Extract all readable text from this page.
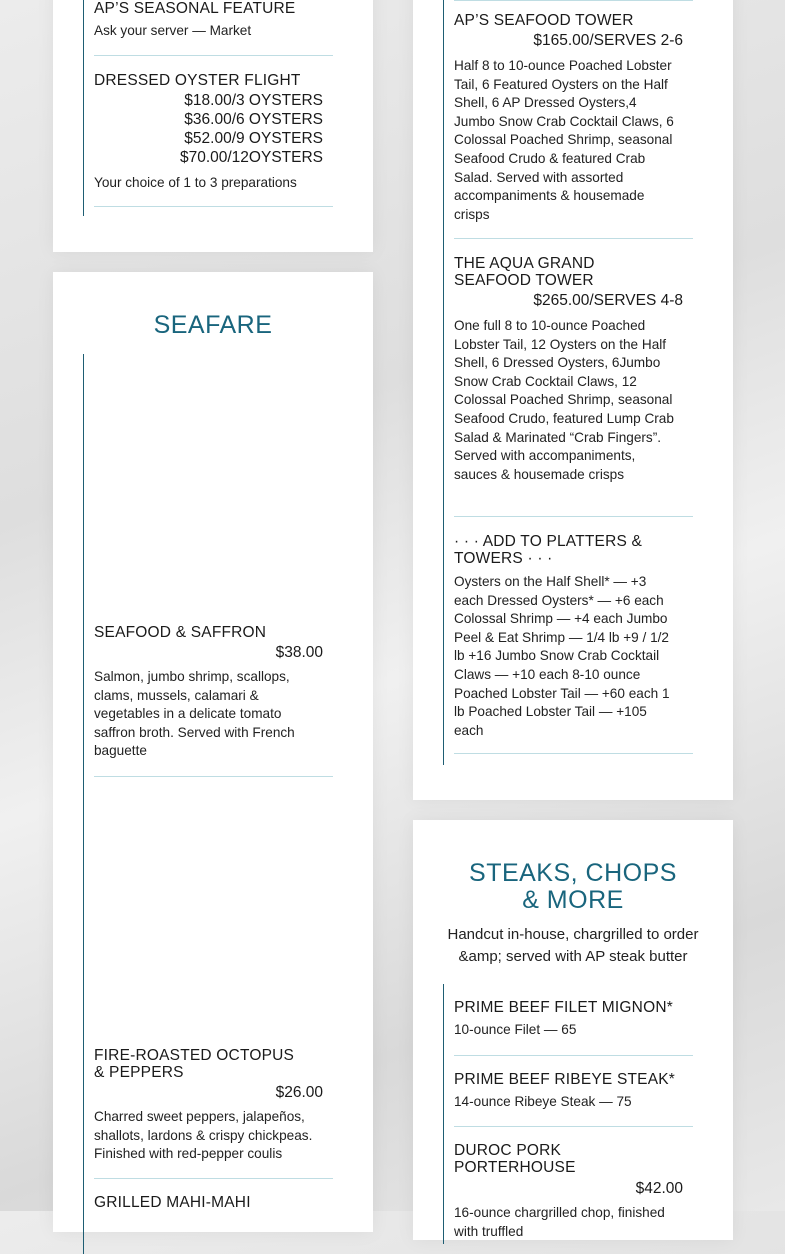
AP’S SEASONAL FEATURE
Ask your server — Market
DRESSED OYSTER FLIGHT
$18.00/3 OYSTERS
$36.00/6 OYSTERS
$52.00/9 OYSTERS
$70.00/12OYSTERS
Your choice of 1 to 3 preparations
SEAFARE
SEAFOOD & SAFFRON
$38.00
Salmon, jumbo shrimp, scallops, clams, mussels, calamari & vegetables in a delicate tomato saffron broth. Served with French baguette
FIRE-ROASTED OCTOPUS & PEPPERS
$26.00
Charred sweet peppers, jalapeños, shallots, lardons & crispy chickpeas. Finished with red-pepper coulis
GRILLED MAHI-MAHI
AP’S SEAFOOD TOWER
$165.00/SERVES 2-6
Half 8 to 10-ounce Poached Lobster Tail, 6 Featured Oysters on the Half Shell, 6 AP Dressed Oysters,4 Jumbo Snow Crab Cocktail Claws, 6 Colossal Poached Shrimp, seasonal Seafood Crudo & featured Crab Salad. Served with assorted accompaniments & housemade crisps
THE AQUA GRAND SEAFOOD TOWER
$265.00/SERVES 4-8
One full 8 to 10-ounce Poached Lobster Tail, 12 Oysters on the Half Shell, 6 Dressed Oysters, 6Jumbo Snow Crab Cocktail Claws, 12 Colossal Poached Shrimp, seasonal Seafood Crudo, featured Lump Crab Salad & Marinated “Crab Fingers”. Served with accompaniments, sauces & housemade crisps
· · · ADD TO PLATTERS & TOWERS · · ·
Oysters on the Half Shell* — +3 each Dressed Oysters* — +6 each Colossal Shrimp — +4 each Jumbo Peel & Eat Shrimp — 1/4 lb +9 / 1/2 lb +16 Jumbo Snow Crab Cocktail Claws — +10 each 8-10 ounce Poached Lobster Tail — +60 each 1 lb Poached Lobster Tail — +105 each
STEAKS, CHOPS & MORE
Handcut in-house, chargrilled to order &amp; served with AP steak butter
PRIME BEEF FILET MIGNON*
10-ounce Filet — 65
PRIME BEEF RIBEYE STEAK*
14-ounce Ribeye Steak — 75
DUROC PORK PORTERHOUSE
$42.00
16-ounce chargrilled chop, finished with truffled
